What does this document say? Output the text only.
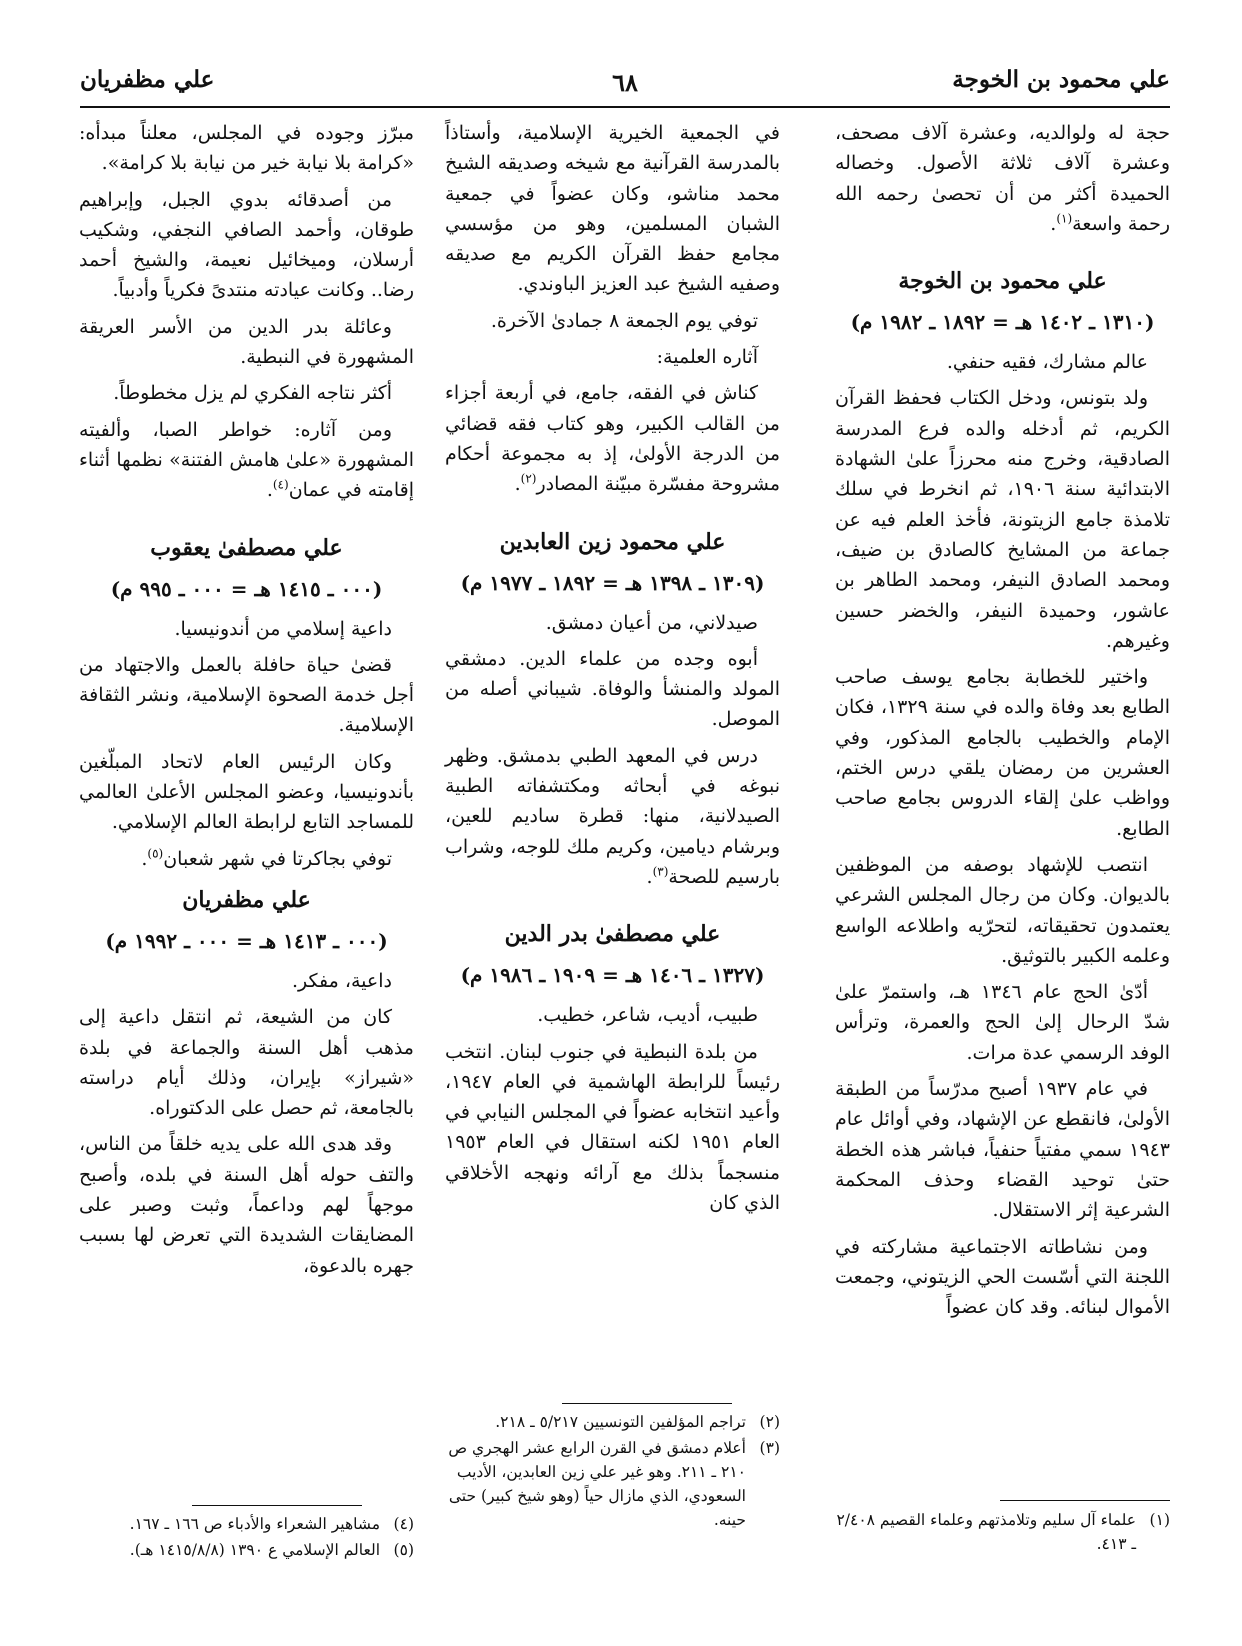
علي محمود بن الخوجة
٦٨
علي مظفريان

حجة له ولوالديه، وعشرة آلاف مصحف، وعشرة آلاف ثلاثة الأصول. وخصاله الحميدة أكثر من أن تحصىٰ رحمه الله رحمة واسعة$^{(١)}$.

علي محمود بن الخوجة
(١٣١٠ ـ ١٤٠٢ هـ = ١٨٩٢ ـ ١٩٨٢ م)

عالم مشارك، فقيه حنفي.

ولد بتونس، ودخل الكتاب فحفظ القرآن الكريم، ثم أدخله والده فرع المدرسة الصادقية، وخرج منه محرزاً علىٰ الشهادة الابتدائية سنة ١٩٠٦، ثم انخرط في سلك تلامذة جامع الزيتونة، فأخذ العلم فيه عن جماعة من المشايخ كالصادق بن ضيف، ومحمد الصادق النيفر، ومحمد الطاهر بن عاشور، وحميدة النيفر، والخضر حسين وغيرهم.

واختير للخطابة بجامع يوسف صاحب الطابع بعد وفاة والده في سنة ١٣٢٩، فكان الإمام والخطيب بالجامع المذكور، وفي العشرين من رمضان يلقي درس الختم، وواظب علىٰ إلقاء الدروس بجامع صاحب الطابع.

انتصب للإشهاد بوصفه من الموظفين بالديوان. وكان من رجال المجلس الشرعي يعتمدون تحقيقاته، لتحرّيه واطلاعه الواسع وعلمه الكبير بالتوثيق.

أدّىٰ الحج عام ١٣٤٦ هـ، واستمرّ علىٰ شدّ الرحال إلىٰ الحج والعمرة، وترأس الوفد الرسمي عدة مرات.

في عام ١٩٣٧ أصبح مدرّساً من الطبقة الأولىٰ، فانقطع عن الإشهاد، وفي أوائل عام ١٩٤٣ سمي مفتياً حنفياً، فباشر هذه الخطة حتىٰ توحيد القضاء وحذف المحكمة الشرعية إثر الاستقلال.

ومن نشاطاته الاجتماعية مشاركته في اللجنة التي أسّست الحي الزيتوني، وجمعت الأموال لبنائه. وقد كان عضواً

(١)
علماء آل سليم وتلامذتهم وعلماء القصيم ٢/٤٠٨ ـ ٤١٣.

في الجمعية الخيرية الإسلامية، وأستاذاً بالمدرسة القرآنية مع شيخه وصديقه الشيخ محمد مناشو، وكان عضواً في جمعية الشبان المسلمين، وهو من مؤسسي مجامع حفظ القرآن الكريم مع صديقه وصفيه الشيخ عبد العزيز الباوندي.

توفي يوم الجمعة ٨ جمادىٰ الآخرة.

آثاره العلمية:

كناش في الفقه، جامع، في أربعة أجزاء من القالب الكبير، وهو كتاب فقه قضائي من الدرجة الأولىٰ، إذ به مجموعة أحكام مشروحة مفسّرة مبيّنة المصادر$^{(٢)}$.

علي محمود زين العابدين
(١٣٠٩ ـ ١٣٩٨ هـ = ١٨٩٢ ـ ١٩٧٧ م)

صيدلاني، من أعيان دمشق.

أبوه وجده من علماء الدين. دمشقي المولد والمنشأ والوفاة. شيباني أصله من الموصل.

درس في المعهد الطبي بدمشق. وظهر نبوغه في أبحاثه ومكتشفاته الطبية الصيدلانية، منها: قطرة ساديم للعين، وبرشام ديامين، وكريم ملك للوجه، وشراب بارسيم للصحة$^{(٣)}$.

علي مصطفىٰ بدر الدين
(١٣٢٧ ـ ١٤٠٦ هـ = ١٩٠٩ ـ ١٩٨٦ م)

طبيب، أديب، شاعر، خطيب.

من بلدة النبطية في جنوب لبنان. انتخب رئيساً للرابطة الهاشمية في العام ١٩٤٧، وأعيد انتخابه عضواً في المجلس النيابي في العام ١٩٥١ لكنه استقال في العام ١٩٥٣ منسجماً بذلك مع آرائه ونهجه الأخلاقي الذي كان

(٢)
تراجم المؤلفين التونسيين ٥/٢١٧ ـ ٢١٨.
(٣)
أعلام دمشق في القرن الرابع عشر الهجري ص ٢١٠ ـ ٢١١. وهو غير علي زين العابدين، الأديب السعودي، الذي مازال حياً (وهو شيخ كبير) حتى حينه.

مبرّز وجوده في المجلس، معلناً مبدأه: «كرامة بلا نيابة خير من نيابة بلا كرامة».

من أصدقائه بدوي الجبل، وإبراهيم طوقان، وأحمد الصافي النجفي، وشكيب أرسلان، وميخائيل نعيمة، والشيخ أحمد رضا.. وكانت عيادته منتدىً فكرياً وأدبياً.

وعائلة بدر الدين من الأسر العريقة المشهورة في النبطية.

أكثر نتاجه الفكري لم يزل مخطوطاً.

ومن آثاره: خواطر الصبا، وألفيته المشهورة «علىٰ هامش الفتنة» نظمها أثناء إقامته في عمان$^{(٤)}$.

علي مصطفىٰ يعقوب
(٠٠٠ ـ ١٤١٥ هـ = ٠٠٠ ـ ٩٩٥ م)

داعية إسلامي من أندونيسيا.

قضىٰ حياة حافلة بالعمل والاجتهاد من أجل خدمة الصحوة الإسلامية، ونشر الثقافة الإسلامية.

وكان الرئيس العام لاتحاد المبلّغين بأندونيسيا، وعضو المجلس الأعلىٰ العالمي للمساجد التابع لرابطة العالم الإسلامي.

توفي بجاكرتا في شهر شعبان$^{(٥)}$.

علي مظفريان
(٠٠٠ ـ ١٤١٣ هـ = ٠٠٠ ـ ١٩٩٢ م)

داعية، مفكر.

كان من الشيعة، ثم انتقل داعية إلى مذهب أهل السنة والجماعة في بلدة «شيراز» بإيران، وذلك أيام دراسته بالجامعة، ثم حصل على الدكتوراه.

وقد هدى الله على يديه خلقاً من الناس، والتف حوله أهل السنة في بلده، وأصبح موجهاً لهم وداعماً، وثبت وصبر على المضايقات الشديدة التي تعرض لها بسبب جهره بالدعوة،

(٤)
مشاهير الشعراء والأدباء ص ١٦٦ ـ ١٦٧.
(٥)
العالم الإسلامي ع ١٣٩٠ (١٤١٥/٨/٨ هـ).
